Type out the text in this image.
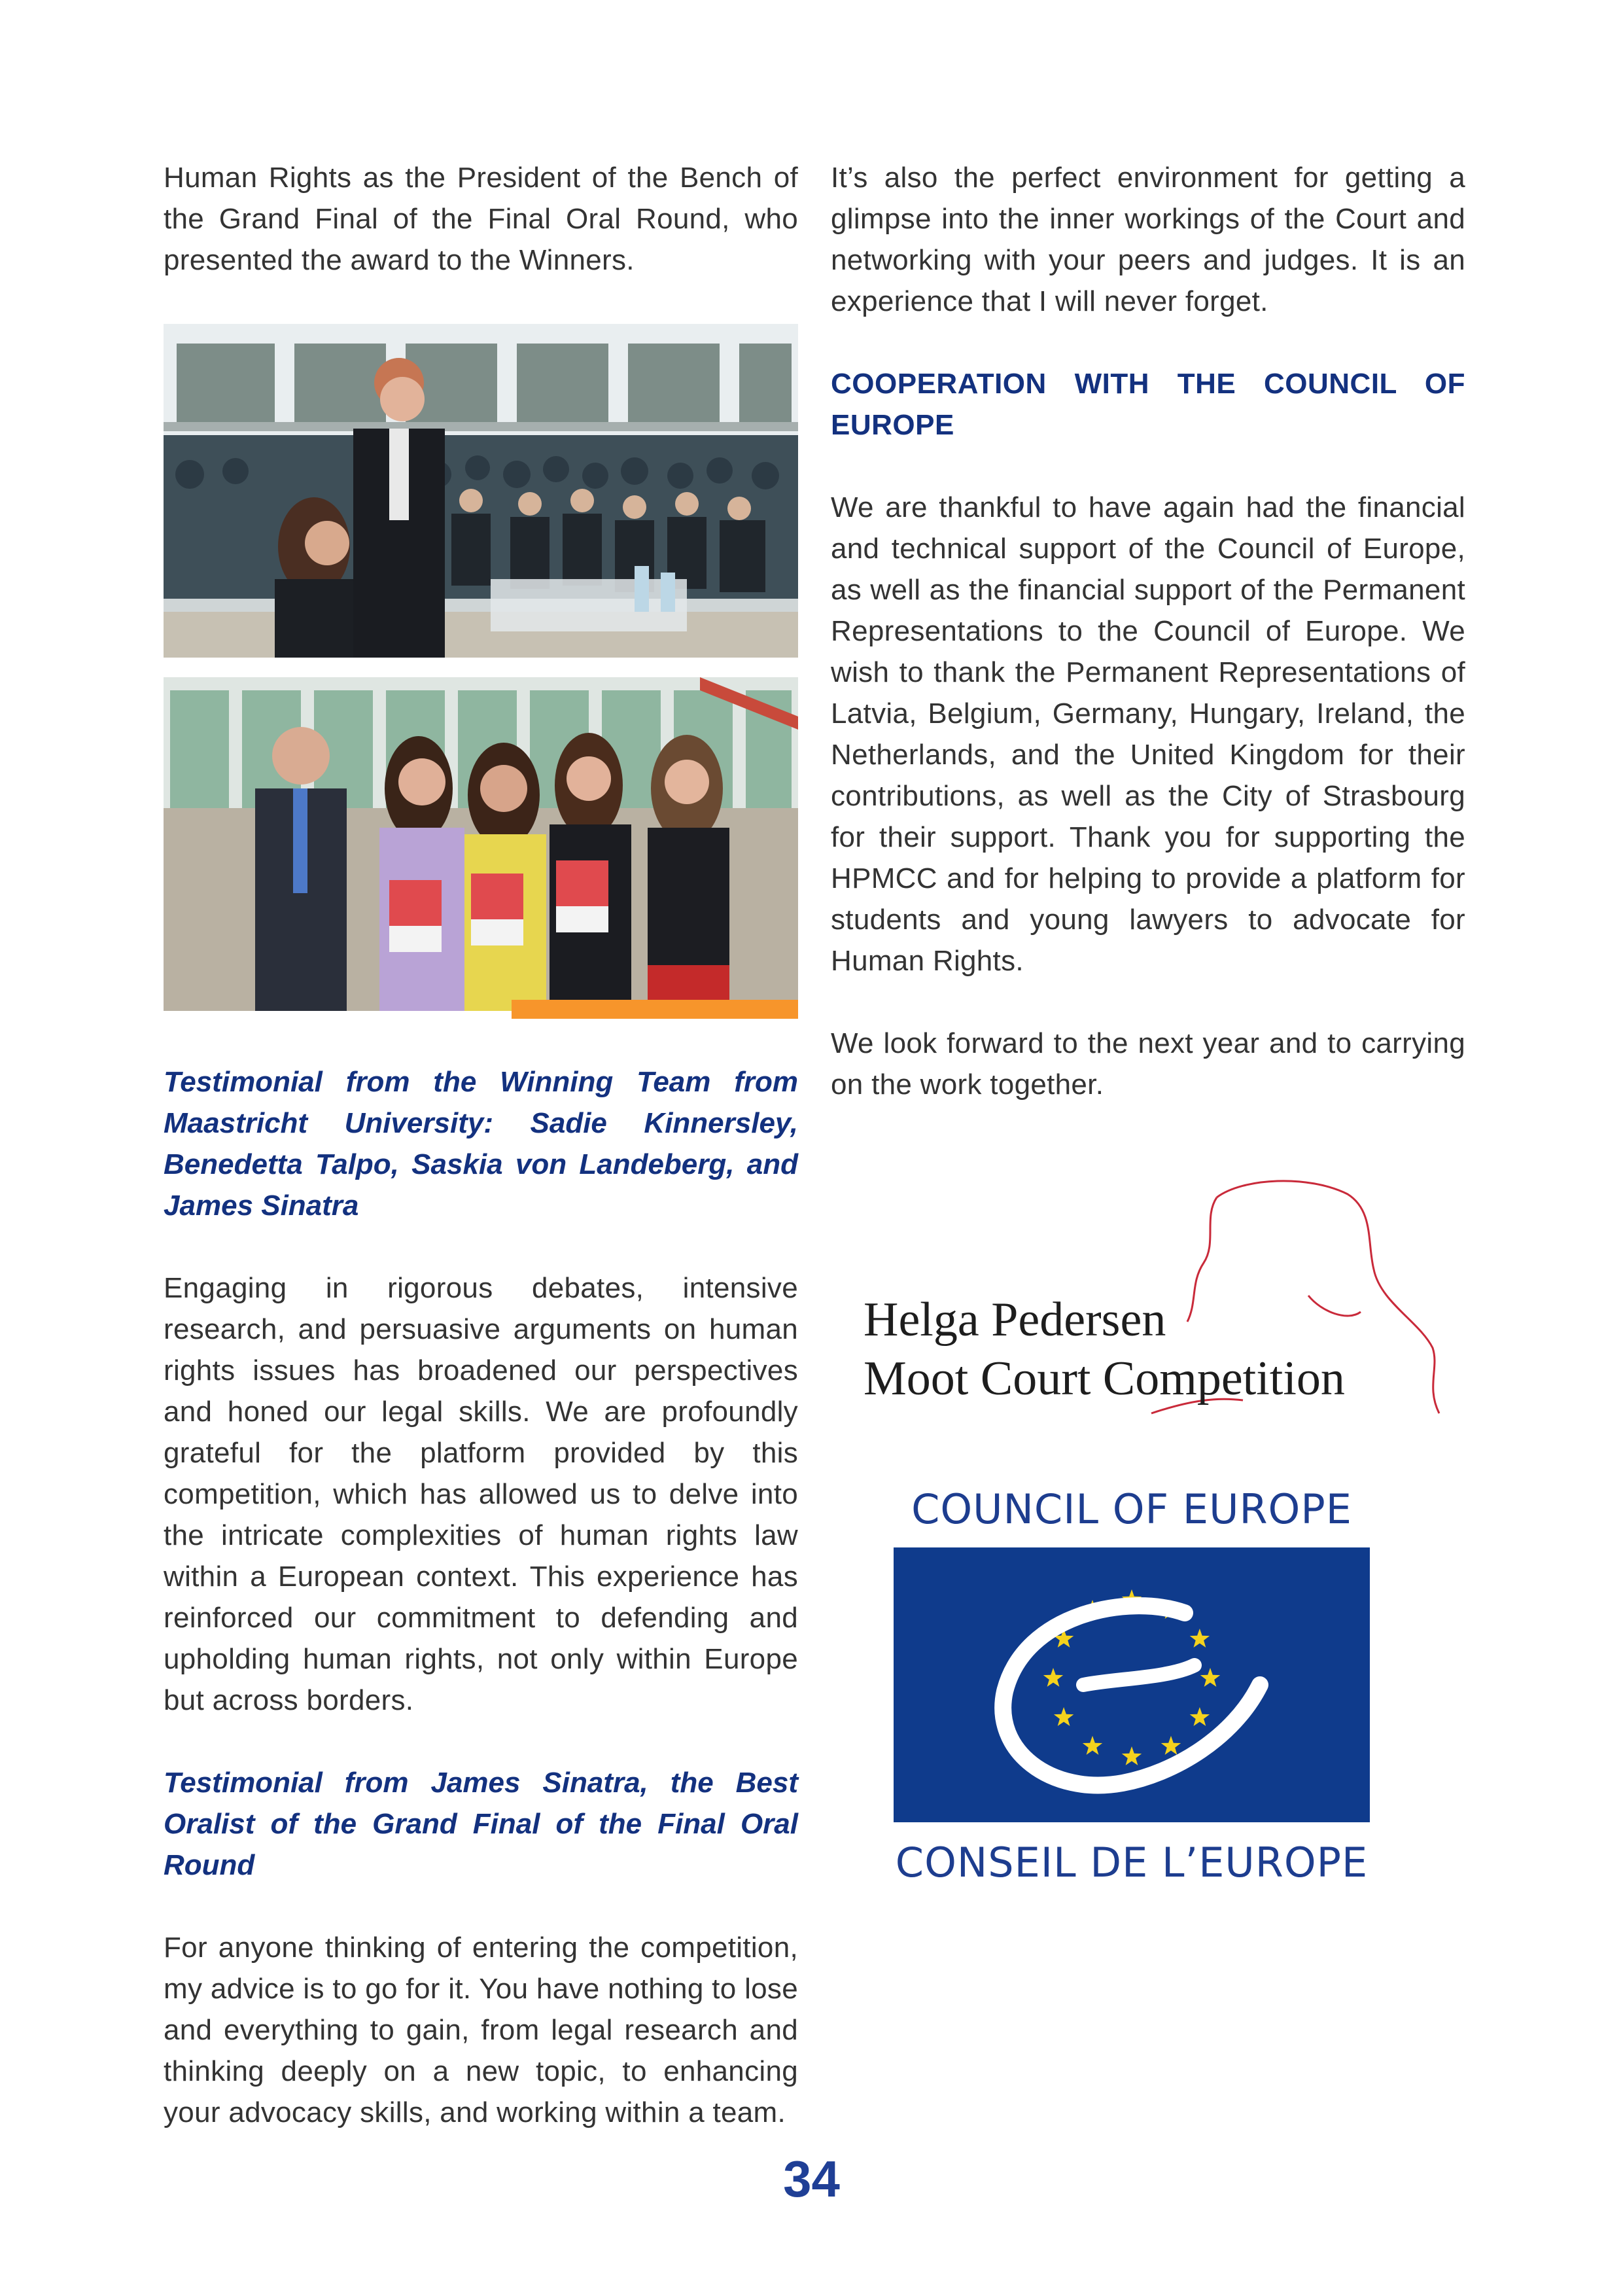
Human Rights as the President of the Bench of the Grand Final of the Final Oral Round, who presented the award to the Winners.

Testimonial from the Winning Team from Maastricht University: Sadie Kinnersley, Benedetta Talpo, Saskia von Landeberg, and James Sinatra

Engaging in rigorous debates, intensive research, and persuasive arguments on human rights issues has broadened our perspectives and honed our legal skills. We are profoundly grateful for the platform provided by this competition, which has allowed us to delve into the intricate complexities of human rights law within a European context. This experience has reinforced our commitment to defending and upholding human rights, not only within Europe but across borders.

Testimonial from James Sinatra, the Best Oralist of the Grand Final of the Final Oral Round

For anyone thinking of entering the competition, my advice is to go for it. You have nothing to lose and everything to gain, from legal research and thinking deeply on a new topic, to enhancing your advocacy skills, and working within a team.

It’s also the perfect environment for getting a glimpse into the inner workings of the Court and networking with your peers and judges. It is an experience that I will never forget.

COOPERATION WITH THE COUNCIL OF EUROPE

We are thankful to have again had the financial and technical support of the Council of Europe, as well as the financial support of the Permanent Representations to the Council of Europe. We wish to thank the Permanent Representations of Latvia, Belgium, Germany, Hungary, Ireland, the Netherlands, and the United Kingdom for their contributions, as well as the City of Strasbourg for their support. Thank you for supporting the HPMCC and for helping to provide a platform for students and young lawyers to advocate for Human Rights.

We look forward to the next year and to carrying on the work together.

Helga Pedersen
Moot Court Competition
COUNCIL OF EUROPE
CONSEIL DE L’EUROPE
34
